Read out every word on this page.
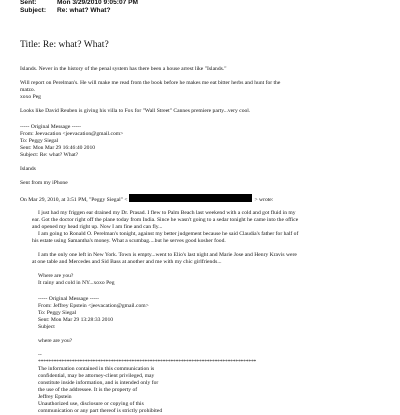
Sent:	Mon 3/29/2010 9:05:07 PM
Subject: Re: what? What?
Title: Re: what? What?
Islands. Never in the history of the penal system has there been a house arrest like "Islands."
Will report on Perelman's. He will make me read from the book before he makes me eat bitter herbs and hunt for the
matzo.
xoxo Peg
Looks like David Reuben is giving his villa to Fox for "Wall Street" Cannes premiere party...very cool.
----- Original Message -----
From: Jeevacation <jeevacation@gmail.com>
To: Peggy Siegal
Sent: Mon Mar 29 16:46:40 2010
Subject: Re: what? What?
Islands
Sent from my iPhone
On Mar 29, 2010, at 3:51 PM, "Peggy Siegal" <	> wrote:
I just had my friggen ear drained my Dr. Prasad. I flew to Palm Beach last weekend with a cold and got fluid in my
ear. Got the doctor right off the plane today from India. Since he wasn't going to a sedar tonight he came into the office
and opened my head right up. Now I am fine and can fly...
I am going to Ronald O. Perelman's tonight, against my better judgement because he said Claudia's father for half of
his estate using Samantha's money. What a scumbag....but he serves good kosher food.
I am the only one left in New York. Town is empty...went to Elio's last night and Marie Jose and Henry Kravis were
at one table and Mercedes and Sid Bass at another and me with my chic girlfriends...
Where are you?
It rainy and cold in NY...xoxo Peg
----- Original Message -----
From: Jeffrey Epstein <jeevacation@gmail.com>
To: Peggy Siegal
Sent: Mon Mar 29 13:28:33 2010
Subject
where are you?
--
************************************************************************************
The information contained in this communication is
confidential, may be attorney-client privileged, may
constitute inside information, and is intended only for
the use of the addressee. It is the property of
Jeffrey Epstein
Unauthorized use, disclosure or copying of this
communication or any part thereof is strictly prohibited
